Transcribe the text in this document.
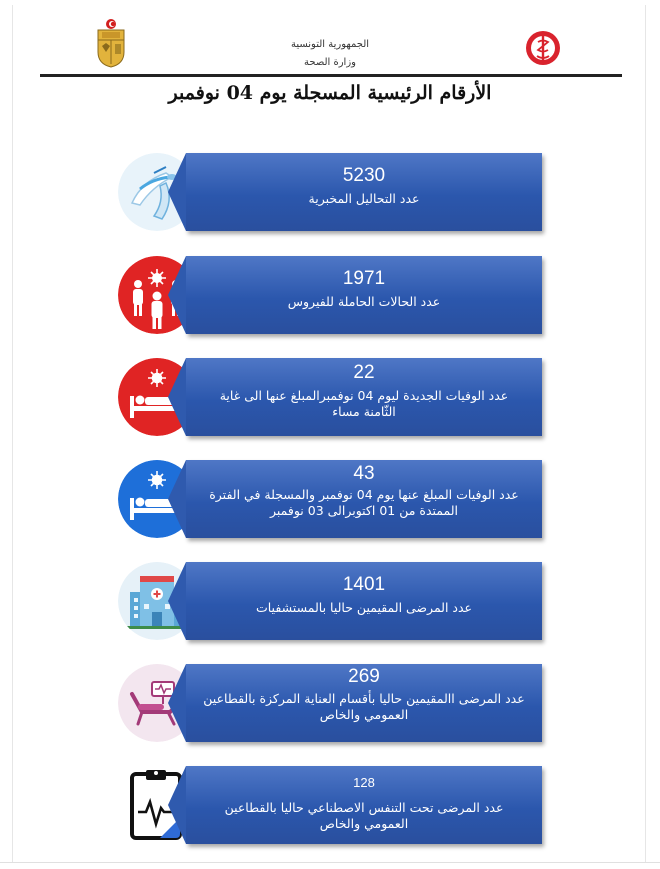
الجمهورية التونسية
وزارة الصحة
الأرقام الرئيسية المسجلة يوم 04 نوفمبر
5230
عدد التحاليل المخبرية
1971
عدد الحالات الحاملة للفيروس
22
عدد الوفيات الجديدة ليوم 04 نوفمبرالمبلغ عنها الى غاية الثّامنة مساء
43
عدد الوفيات المبلغ عنها يوم 04 نوفمبر والمسجلة في الفترة الممتدة من 01 اكتوبرالى 03 نوفمبر
1401
عدد المرضى المقيمين حاليا بالمستشفيات
269
عدد المرضى االمقيمين حاليا بأقسام العناية المركزة بالقطاعين العمومي والخاص
128
عدد المرضى تحت التنفس الاصطناعي حاليا بالقطاعين العمومي والخاص
